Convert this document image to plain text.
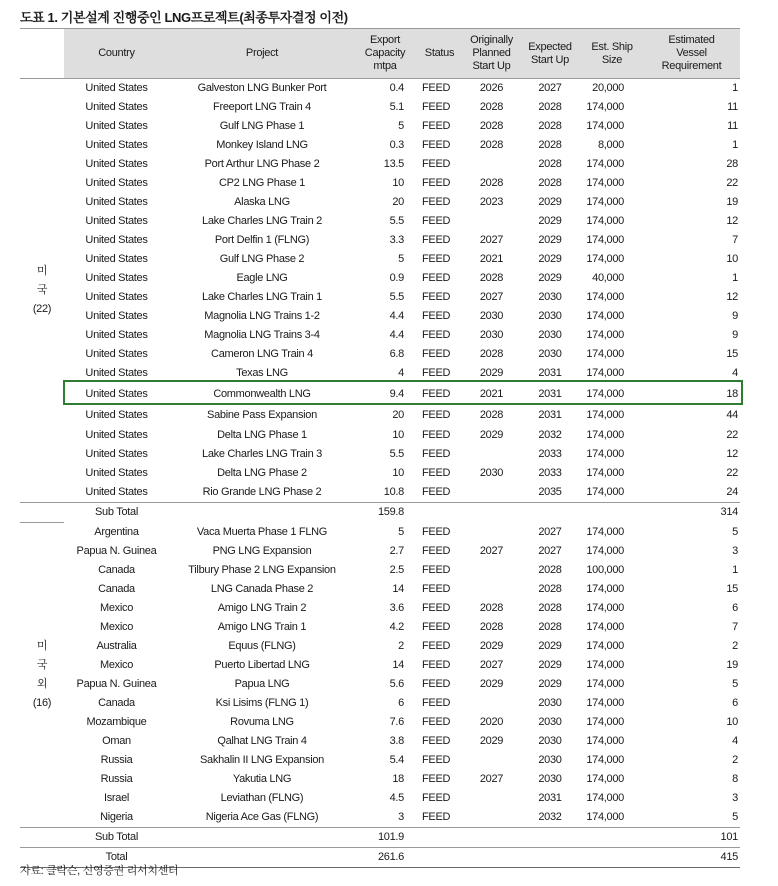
도표 1. 기본설계 진행중인 LNG프로젝트(최종투자결정 이전)
	Country	Project	Export
Capacity
mtpa	Status	Originally
Planned
Start Up	Expected
Start Up	Est. Ship
Size	Estimated
Vessel
Requirement

미
국
(22)	United States	Galveston LNG Bunker Port	0.4	FEED	2026	2027	20,000	1
	United States	Freeport LNG Train 4	5.1	FEED	2028	2028	174,000	11
	United States	Gulf LNG Phase 1	5	FEED	2028	2028	174,000	11
	United States	Monkey Island LNG	0.3	FEED	2028	2028	8,000	1
	United States	Port Arthur LNG Phase 2	13.5	FEED		2028	174,000	28
	United States	CP2 LNG Phase 1	10	FEED	2028	2028	174,000	22
	United States	Alaska LNG	20	FEED	2023	2029	174,000	19
	United States	Lake Charles LNG Train 2	5.5	FEED		2029	174,000	12
	United States	Port Delfin 1 (FLNG)	3.3	FEED	2027	2029	174,000	7
	United States	Gulf LNG Phase 2	5	FEED	2021	2029	174,000	10
	United States	Eagle LNG	0.9	FEED	2028	2029	40,000	1
	United States	Lake Charles LNG Train 1	5.5	FEED	2027	2030	174,000	12
	United States	Magnolia LNG Trains 1-2	4.4	FEED	2030	2030	174,000	9
	United States	Magnolia LNG Trains 3-4	4.4	FEED	2030	2030	174,000	9
	United States	Cameron LNG Train 4	6.8	FEED	2028	2030	174,000	15
	United States	Texas LNG	4	FEED	2029	2031	174,000	4
	United States	Commonwealth LNG	9.4	FEED	2021	2031	174,000	18
	United States	Sabine Pass Expansion	20	FEED	2028	2031	174,000	44
	United States	Delta LNG Phase 1	10	FEED	2029	2032	174,000	22
	United States	Lake Charles LNG Train 3	5.5	FEED		2033	174,000	12
	United States	Delta LNG Phase 2	10	FEED	2030	2033	174,000	22
	United States	Rio Grande LNG Phase 2	10.8	FEED		2035	174,000	24
	Sub Total		159.8					314

미
국
외
(16)	Argentina	Vaca Muerta Phase 1 FLNG	5	FEED		2027	174,000	5
	Papua N. Guinea	PNG LNG Expansion	2.7	FEED	2027	2027	174,000	3
	Canada	Tilbury Phase 2 LNG Expansion	2.5	FEED		2028	100,000	1
	Canada	LNG Canada Phase 2	14	FEED		2028	174,000	15
	Mexico	Amigo LNG Train 2	3.6	FEED	2028	2028	174,000	6
	Mexico	Amigo LNG Train 1	4.2	FEED	2028	2028	174,000	7
	Australia	Equus (FLNG)	2	FEED	2029	2029	174,000	2
	Mexico	Puerto Libertad LNG	14	FEED	2027	2029	174,000	19
	Papua N. Guinea	Papua LNG	5.6	FEED	2029	2029	174,000	5
	Canada	Ksi Lisims (FLNG 1)	6	FEED		2030	174,000	6
	Mozambique	Rovuma LNG	7.6	FEED	2020	2030	174,000	10
	Oman	Qalhat LNG Train 4	3.8	FEED	2029	2030	174,000	4
	Russia	Sakhalin II LNG Expansion	5.4	FEED		2030	174,000	2
	Russia	Yakutia LNG	18	FEED	2027	2030	174,000	8
	Israel	Leviathan (FLNG)	4.5	FEED		2031	174,000	3
	Nigeria	Nigeria Ace Gas (FLNG)	3	FEED		2032	174,000	5
	Sub Total		101.9					101
	Total		261.6					415
자료: 클락슨, 신영증권 리서치센터
